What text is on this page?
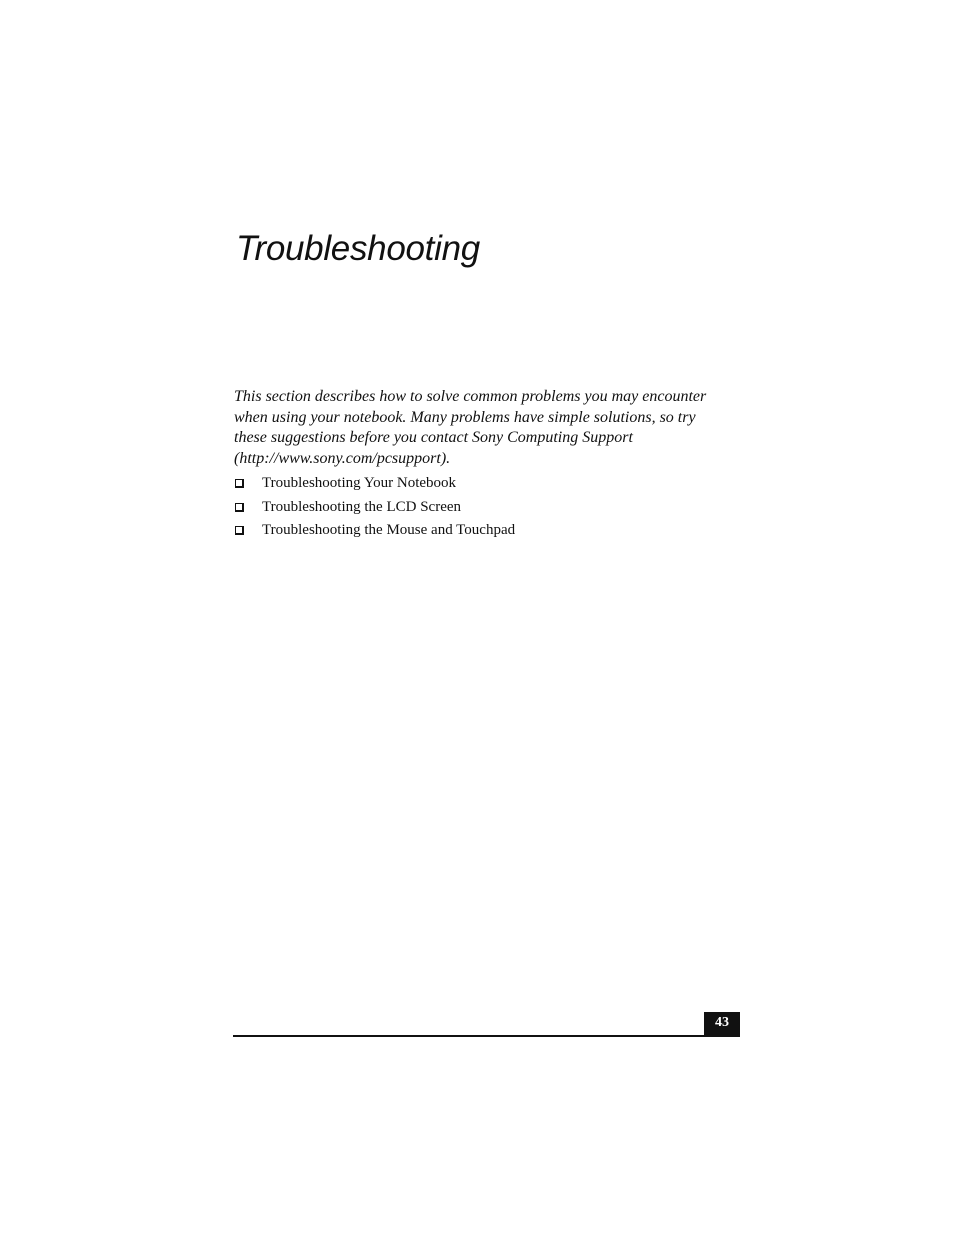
Troubleshooting

This section describes how to solve common problems you may encounter
when using your notebook. Many problems have simple solutions, so try
these suggestions before you contact Sony Computing Support
(http://www.sony.com/pcsupport).

Troubleshooting Your Notebook
Troubleshooting the LCD Screen
Troubleshooting the Mouse and Touchpad
43
